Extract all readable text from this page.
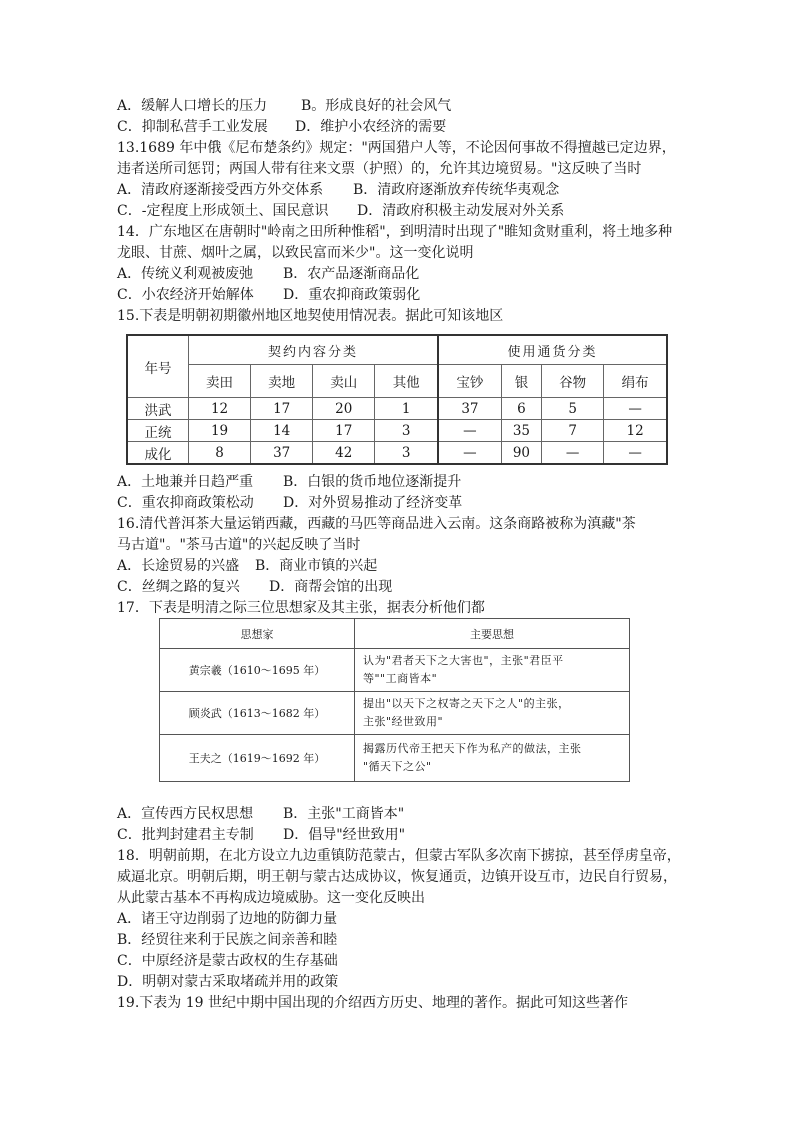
A．缓解人口增长的压力 B。形成良好的社会风气
C．抑制私营手工业发展 D．维护小农经济的需要
13.1689 年中俄《尼布楚条约》规定："两国猎户人等，不论因何事故不得擅越已定边界，
违者送所司惩罚；两国人带有往来文票（护照）的，允许其边境贸易。"这反映了当时
A．清政府逐渐接受西方外交体系 B．清政府逐渐放弃传统华夷观念
C．-定程度上形成领土、国民意识 D．清政府积极主动发展对外关系
14．广东地区在唐朝时"岭南之田所种惟稻"，到明清时出现了"睢知贪财重利，将土地多种
龙眼、甘蔗、烟叶之属，以致民富而米少"。这一变化说明
A．传统义利观被废弛 B．农产品逐渐商品化
C．小农经济开始解体 D．重农抑商政策弱化
15.下表是明朝初期徽州地区地契使用情况表。据此可知该地区
年号	契约内容分类				使用通货分类			
	卖田	卖地	卖山	其他	宝钞	银	谷物	绢布
洪武	12	17	20	1	37	6	5	—
正统	19	14	17	3	—	35	7	12
成化	8	37	42	3	—	90	—	—
A．土地兼并日趋严重 B．白银的货币地位逐渐提升
C．重农抑商政策松动 D．对外贸易推动了经济变革
16.清代普洱茶大量运销西藏，西藏的马匹等商品进入云南。这条商路被称为滇藏"茶
马古道"。"茶马古道"的兴起反映了当时
A．长途贸易的兴盛 B．商业市镇的兴起
C．丝绸之路的复兴 D．商帮会馆的出现
17．下表是明清之际三位思想家及其主张，据表分析他们都
思想家	主要思想
黄宗羲（1610～1695 年）	认为"君者天下之大害也"，主张"君臣平
等""工商皆本"

顾炎武（1613～1682 年）	提出"以天下之权寄之天下之人"的主张，
主张"经世致用"

王夫之（1619～1692 年）	揭露历代帝王把天下作为私产的做法，主张
"循天下之公"
A．宣传西方民权思想 B．主张"工商皆本"
C．批判封建君主专制 D．倡导"经世致用"
18．明朝前期，在北方设立九边重镇防范蒙古，但蒙古军队多次南下掳掠，甚至俘虏皇帝，
威逼北京。明朝后期，明王朝与蒙古达成协议，恢复通贡，边镇开设互市，边民自行贸易，
从此蒙古基本不再构成边境威胁。这一变化反映出
A．诸王守边削弱了边地的防御力量
B．经贸往来利于民族之间亲善和睦
C．中原经济是蒙古政权的生存基础
D．明朝对蒙古采取堵疏并用的政策
19.下表为 19 世纪中期中国出现的介绍西方历史、地理的著作。据此可知这些著作
